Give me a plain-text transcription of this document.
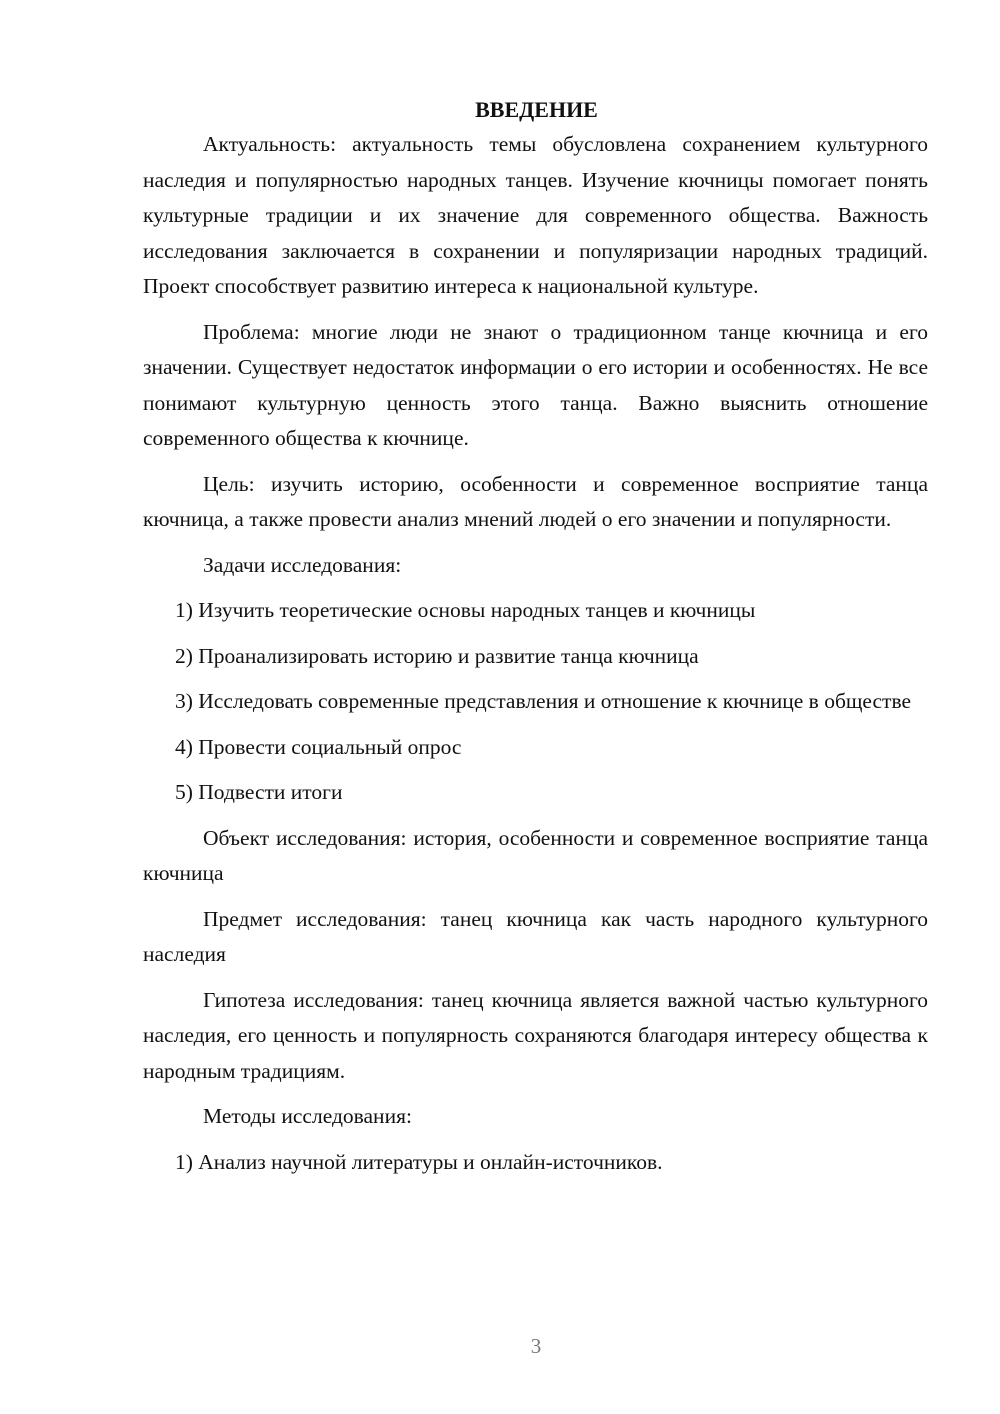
ВВЕДЕНИЕ

Актуальность: актуальность темы обусловлена сохранением культурного наследия и популярностью народных танцев. Изучение кючницы помогает понять культурные традиции и их значение для современного общества. Важность исследования заключается в сохранении и популяризации народных традиций. Проект способствует развитию интереса к национальной культуре.

Проблема: многие люди не знают о традиционном танце кючница и его значении. Существует недостаток информации о его истории и особенностях. Не все понимают культурную ценность этого танца. Важно выяснить отношение современного общества к кючнице.

Цель: изучить историю, особенности и современное восприятие танца кючница, а также провести анализ мнений людей о его значении и популярности.

Задачи исследования:

1) Изучить теоретические основы народных танцев и кючницы

2) Проанализировать историю и развитие танца кючница

3) Исследовать современные представления и отношение к кючнице в обществе

4) Провести социальный опрос

5) Подвести итоги

Объект исследования: история, особенности и современное восприятие танца кючница

Предмет исследования: танец кючница как часть народного культурного наследия

Гипотеза исследования: танец кючница является важной частью культурного наследия, его ценность и популярность сохраняются благодаря интересу общества к народным традициям.

Методы исследования:

1) Анализ научной литературы и онлайн-источников.

3
